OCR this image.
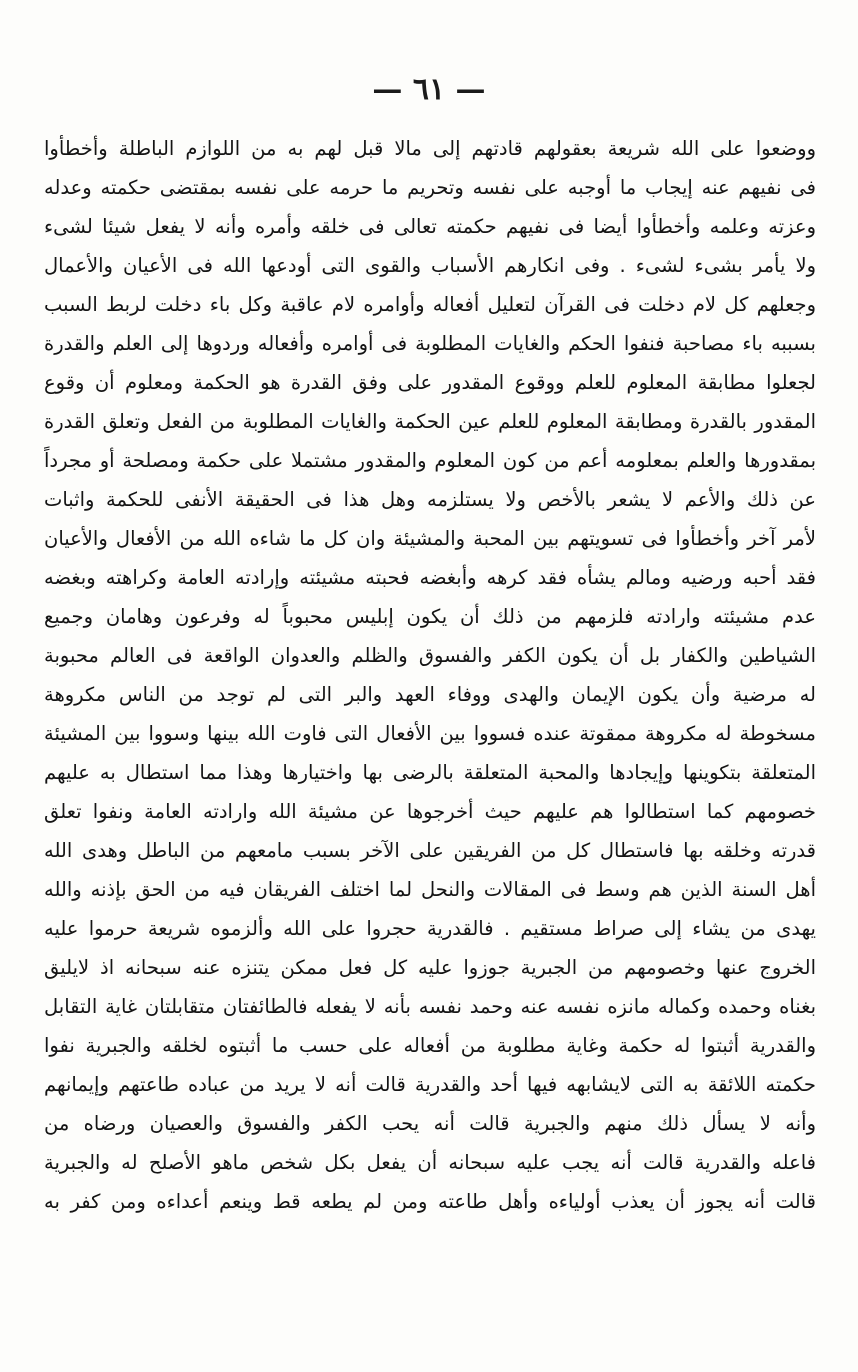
— ٦١ —
ووضعوا على الله شريعة بعقولهم قادتهم إلى مالا قبل لهم به من اللوازم الباطلة وأخطأوا
فى نفيهم عنه إيجاب ما أوجبه على نفسه وتحريم ما حرمه على نفسه بمقتضى حكمته وعدله
وعزته وعلمه وأخطأوا أيضا فى نفيهم حكمته تعالى فى خلقه وأمره وأنه لا يفعل شيئا لشىء
ولا يأمر بشىء لشىء . وفى انكارهم الأسباب والقوى التى أودعها الله فى الأعيان والأعمال
وجعلهم كل لام دخلت فى القرآن لتعليل أفعاله وأوامره لام عاقبة وكل باء دخلت لربط السبب
بسببه باء مصاحبة فنفوا الحكم والغايات المطلوبة فى أوامره وأفعاله وردوها إلى العلم والقدرة
لجعلوا مطابقة المعلوم للعلم ووقوع المقدور على وفق القدرة هو الحكمة ومعلوم أن وقوع
المقدور بالقدرة ومطابقة المعلوم للعلم عين الحكمة والغايات المطلوبة من الفعل وتعلق القدرة
بمقدورها والعلم بمعلومه أعم من كون المعلوم والمقدور مشتملا على حكمة ومصلحة أو مجرداً
عن ذلك والأعم لا يشعر بالأخص ولا يستلزمه وهل هذا فى الحقيقة الأنفى للحكمة واثبات
لأمر آخر وأخطأوا فى تسويتهم بين المحبة والمشيئة وان كل ما شاءه الله من الأفعال والأعيان
فقد أحبه ورضيه ومالم يشأه فقد كرهه وأبغضه فحبته مشيئته وإرادته العامة وكراهته وبغضه
عدم مشيئته وارادته فلزمهم من ذلك أن يكون إبليس محبوباً له وفرعون وهامان وجميع
الشياطين والكفار بل أن يكون الكفر والفسوق والظلم والعدوان الواقعة فى العالم محبوبة
له مرضية وأن يكون الإيمان والهدى ووفاء العهد والبر التى لم توجد من الناس مكروهة
مسخوطة له مكروهة ممقوتة عنده فسووا بين الأفعال التى فاوت الله بينها وسووا بين المشيئة
المتعلقة بتكوينها وإيجادها والمحبة المتعلقة بالرضى بها واختيارها وهذا مما استطال به عليهم
خصومهم كما استطالوا هم عليهم حيث أخرجوها عن مشيئة الله وارادته العامة ونفوا تعلق
قدرته وخلقه بها فاستطال كل من الفريقين على الآخر بسبب مامعهم من الباطل وهدى الله
أهل السنة الذين هم وسط فى المقالات والنحل لما اختلف الفريقان فيه من الحق بإذنه والله
يهدى من يشاء إلى صراط مستقيم . فالقدرية حجروا على الله وألزموه شريعة حرموا عليه
الخروج عنها وخصومهم من الجبرية جوزوا عليه كل فعل ممكن يتنزه عنه سبحانه اذ لايليق
بغناه وحمده وكماله مانزه نفسه عنه وحمد نفسه بأنه لا يفعله فالطائفتان متقابلتان غاية التقابل
والقدرية أثبتوا له حكمة وغاية مطلوبة من أفعاله على حسب ما أثبتوه لخلقه والجبرية نفوا
حكمته اللائقة به التى لايشابهه فيها أحد والقدرية قالت أنه لا يريد من عباده طاعتهم وإيمانهم
وأنه لا يسأل ذلك منهم والجبرية قالت أنه يحب الكفر والفسوق والعصيان ورضاه من
فاعله والقدرية قالت أنه يجب عليه سبحانه أن يفعل بكل شخص ماهو الأصلح له والجبرية
قالت أنه يجوز أن يعذب أولياءه وأهل طاعته ومن لم يطعه قط وينعم أعداءه ومن كفر به
